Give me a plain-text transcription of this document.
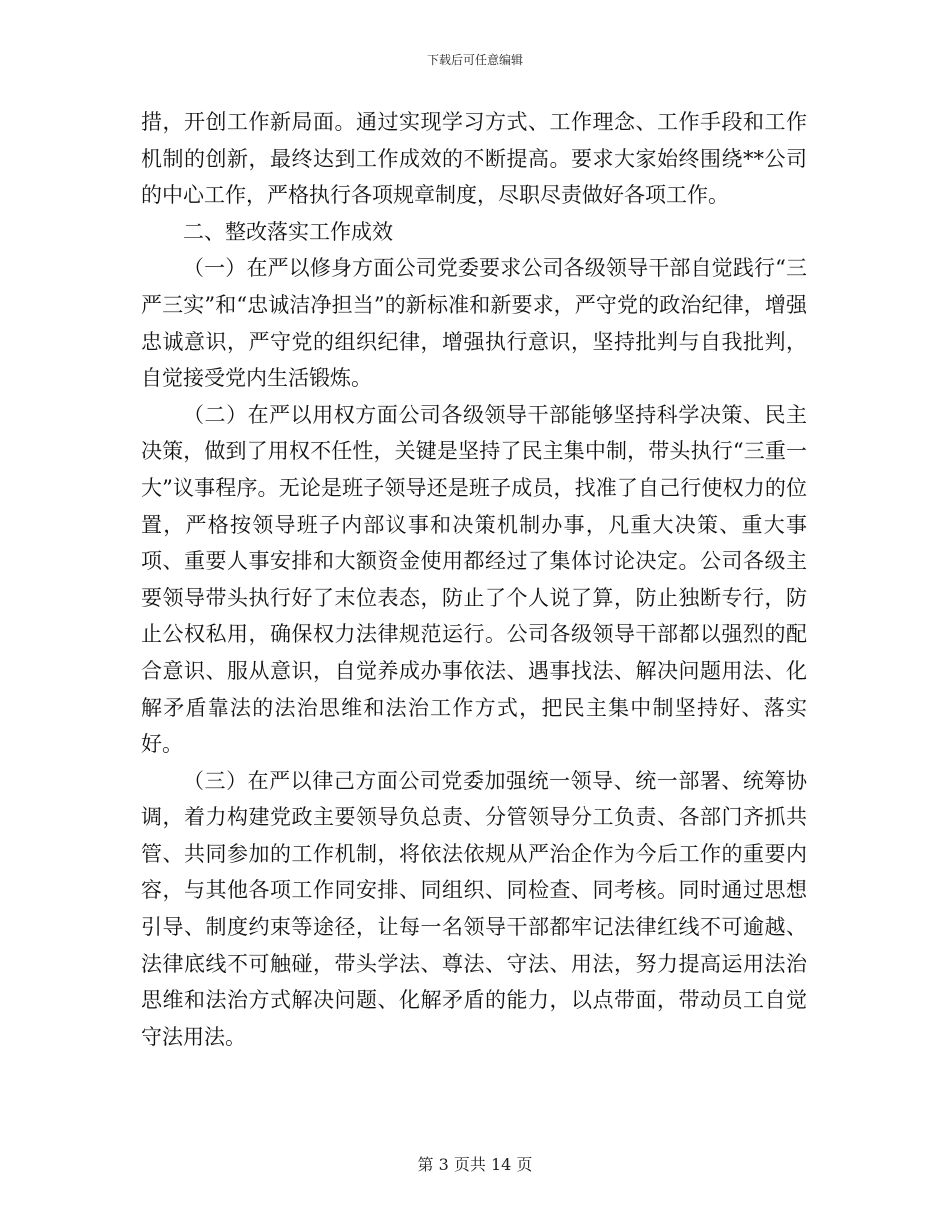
下载后可任意编辑

措，开创工作新局面。通过实现学习方式、工作理念、工作手段和工作机制的创新，最终达到工作成效的不断提高。要求大家始终围绕**公司的中心工作，严格执行各项规章制度，尽职尽责做好各项工作。

二、整改落实工作成效

（一）在严以修身方面公司党委要求公司各级领导干部自觉践行“三严三实”和“忠诚洁净担当”的新标准和新要求，严守党的政治纪律，增强忠诚意识，严守党的组织纪律，增强执行意识，坚持批判与自我批判，自觉接受党内生活锻炼。

（二）在严以用权方面公司各级领导干部能够坚持科学决策、民主决策，做到了用权不任性，关键是坚持了民主集中制，带头执行“三重一大”议事程序。无论是班子领导还是班子成员，找准了自己行使权力的位置，严格按领导班子内部议事和决策机制办事，凡重大决策、重大事项、重要人事安排和大额资金使用都经过了集体讨论决定。公司各级主要领导带头执行好了末位表态，防止了个人说了算，防止独断专行，防止公权私用，确保权力法律规范运行。公司各级领导干部都以强烈的配合意识、服从意识，自觉养成办事依法、遇事找法、解决问题用法、化解矛盾靠法的法治思维和法治工作方式，把民主集中制坚持好、落实好。

（三）在严以律己方面公司党委加强统一领导、统一部署、统筹协调，着力构建党政主要领导负总责、分管领导分工负责、各部门齐抓共管、共同参加的工作机制，将依法依规从严治企作为今后工作的重要内容，与其他各项工作同安排、同组织、同检查、同考核。同时通过思想引导、制度约束等途径，让每一名领导干部都牢记法律红线不可逾越、法律底线不可触碰，带头学法、尊法、守法、用法，努力提高运用法治思维和法治方式解决问题、化解矛盾的能力，以点带面，带动员工自觉守法用法。

第 3 页共 14 页
